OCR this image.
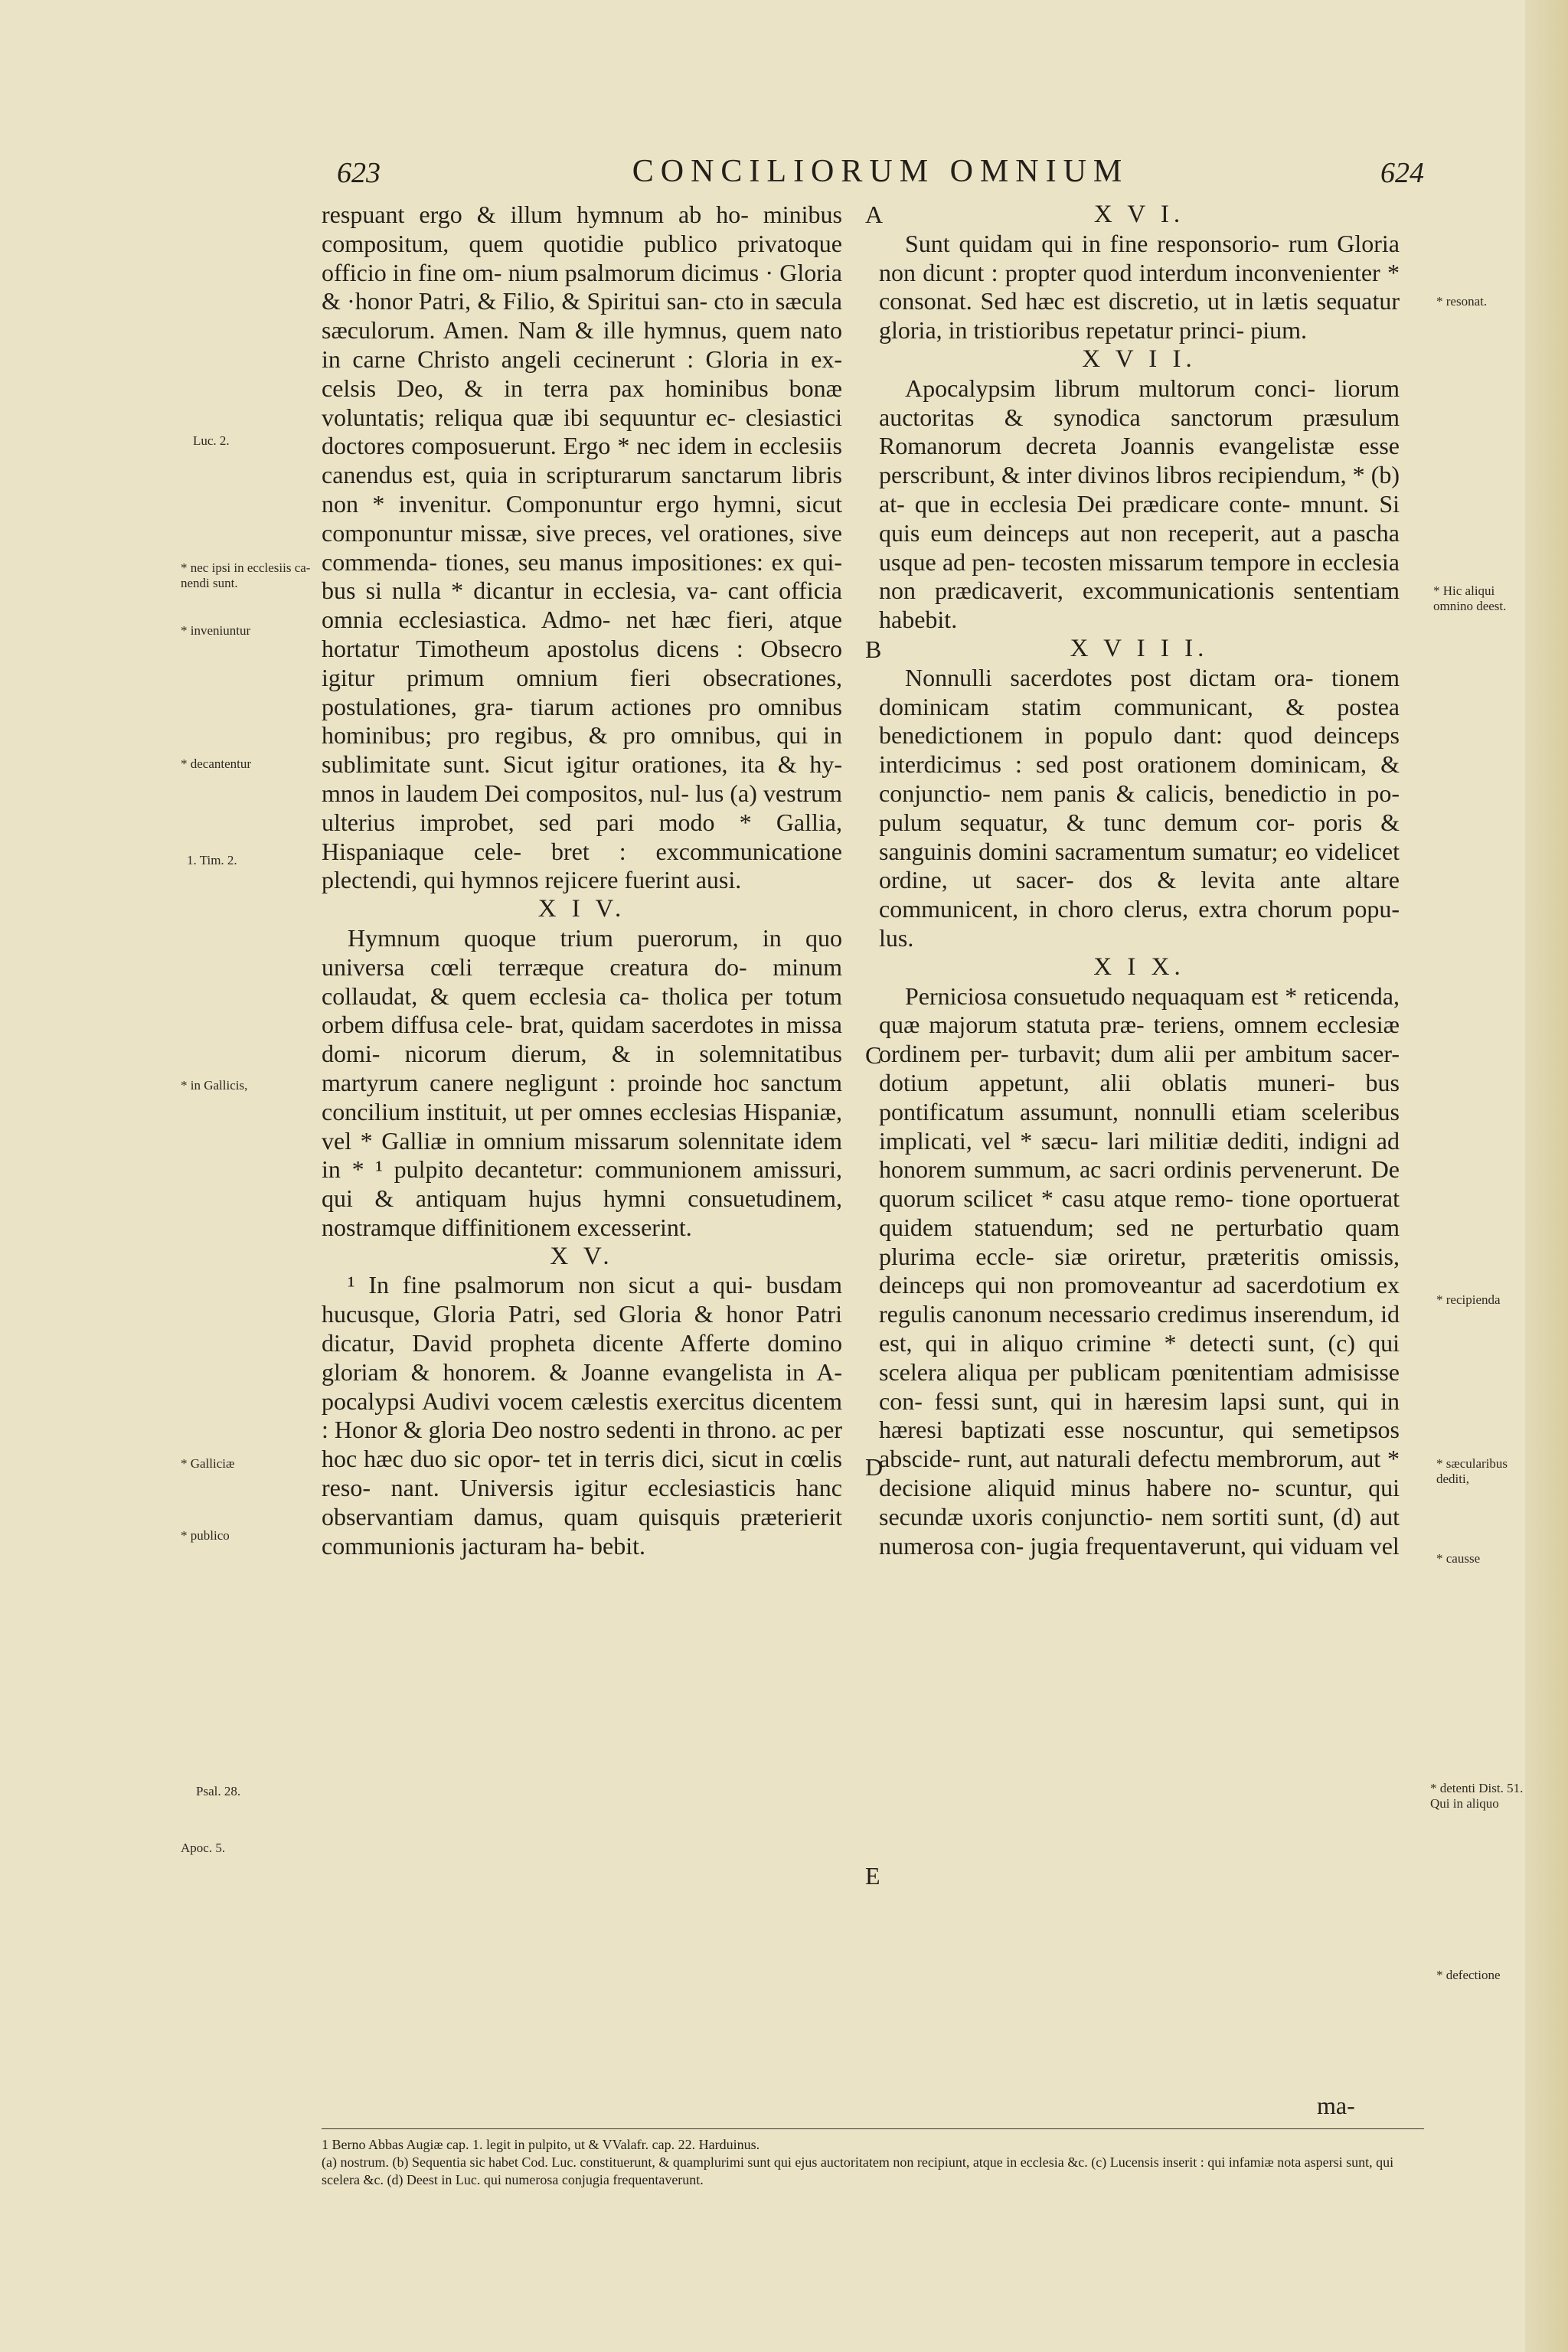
623	CONCILIORUM OMNIUM	624

respuant ergo & illum hymnum ab ho- minibus compositum, quem quotidie publico privatoque officio in fine om- nium psalmorum dicimus · Gloria & ·honor Patri, & Filio, & Spiritui san- cto in sæcula sæculorum. Amen. Nam & ille hymnus, quem nato in carne Christo angeli cecinerunt : Gloria in ex- celsis Deo, & in terra pax hominibus bonæ voluntatis; reliqua quæ ibi sequuntur ec- clesiastici doctores composuerunt. Ergo * nec idem in ecclesiis canendus est, quia in scripturarum sanctarum libris non * invenitur. Componuntur ergo hymni, sicut componuntur missæ, sive preces, vel orationes, sive commenda- tiones, seu manus impositiones: ex qui- bus si nulla * dicantur in ecclesia, va- cant officia omnia ecclesiastica. Admo- net hæc fieri, atque hortatur Timotheum apostolus dicens : Obsecro igitur primum omnium fieri obsecrationes, postulationes, gra- tiarum actiones pro omnibus hominibus; pro regibus, & pro omnibus, qui in sublimitate sunt. Sicut igitur orationes, ita & hy- mnos in laudem Dei compositos, nul- lus (a) vestrum ulterius improbet, sed pari modo * Gallia, Hispaniaque cele- bret : excommunicatione plectendi, qui hymnos rejicere fuerint ausi.

X I V.

Hymnum quoque trium puerorum, in quo universa cœli terræque creatura do- minum collaudat, & quem ecclesia ca- tholica per totum orbem diffusa cele- brat, quidam sacerdotes in missa domi- nicorum dierum, & in solemnitatibus martyrum canere negligunt : proinde hoc sanctum concilium instituit, ut per omnes ecclesias Hispaniæ, vel * Galliæ in omnium missarum solennitate idem in * ¹ pulpito decantetur: communionem amissuri, qui & antiquam hujus hymni consuetudinem, nostramque diffinitionem excesserint.

X V.

¹ In fine psalmorum non sicut a qui- busdam hucusque, Gloria Patri, sed Gloria & honor Patri dicatur, David propheta dicente Afferte domino gloriam & honorem. & Joanne evangelista in A- pocalypsi Audivi vocem cælestis exercitus dicentem : Honor & gloria Deo nostro sedenti in throno. ac per hoc hæc duo sic opor- tet in terris dici, sicut in cœlis reso- nant. Universis igitur ecclesiasticis hanc observantiam damus, quam quisquis præterierit communionis jacturam ha- bebit.

X V I.

Sunt quidam qui in fine responsorio- rum Gloria non dicunt : propter quod interdum inconvenienter * consonat. Sed hæc est discretio, ut in lætis sequatur gloria, in tristioribus repetatur princi- pium.

X V I I.

Apocalypsim librum multorum conci- liorum auctoritas & synodica sanctorum præsulum Romanorum decreta Joannis evangelistæ esse perscribunt, & inter divinos libros recipiendum, * (b) at- que in ecclesia Dei prædicare conte- mnunt. Si quis eum deinceps aut non receperit, aut a pascha usque ad pen- tecosten missarum tempore in ecclesia non prædicaverit, excommunicationis sententiam habebit.

X V I I I.

Nonnulli sacerdotes post dictam ora- tionem dominicam statim communicant, & postea benedictionem in populo dant: quod deinceps interdicimus : sed post orationem dominicam, & conjunctio- nem panis & calicis, benedictio in po- pulum sequatur, & tunc demum cor- poris & sanguinis domini sacramentum sumatur; eo videlicet ordine, ut sacer- dos & levita ante altare communicent, in choro clerus, extra chorum popu- lus.

X I X.

Perniciosa consuetudo nequaquam est * reticenda, quæ majorum statuta præ- teriens, omnem ecclesiæ ordinem per- turbavit; dum alii per ambitum sacer- dotium appetunt, alii oblatis muneri- bus pontificatum assumunt, nonnulli etiam sceleribus implicati, vel * sæcu- lari militiæ dediti, indigni ad honorem summum, ac sacri ordinis pervenerunt. De quorum scilicet * casu atque remo- tione oportuerat quidem statuendum; sed ne perturbatio quam plurima eccle- siæ oriretur, præteritis omissis, deinceps qui non promoveantur ad sacerdotium ex regulis canonum necessario credimus inserendum, id est, qui in aliquo crimine * detecti sunt, (c) qui scelera aliqua per publicam pœnitentiam admisisse con- fessi sunt, qui in hæresim lapsi sunt, qui in hæresi baptizati esse noscuntur, qui semetipsos abscide- runt, aut naturali defectu membrorum, aut * decisione aliquid minus habere no- scuntur, qui secundæ uxoris conjunctio- nem sortiti sunt, (d) aut numerosa con- jugia frequentaverunt, qui viduam vel

A
B
C
D
E
Luc. 2.
* nec ipsi in ecclesiis ca- nendi sunt.
* inveniuntur
* decantentur
1. Tim. 2.
* in Gallicis,
* Galliciæ
* publico
Psal. 28.
Apoc. 5.
* resonat.
* Hic aliqui omnino deest.
* recipienda
* sæcularibus dediti,
* causse
* detenti Dist. 51. Qui in aliquo
* defectione
ma-

1 Berno Abbas Augiæ cap. 1. legit in pulpito, ut & VValafr. cap. 22. Harduinus.

(a) nostrum. (b) Sequentia sic habet Cod. Luc. constituerunt, & quamplurimi sunt qui ejus auctoritatem non recipiunt, atque in ecclesia &c. (c) Lucensis inserit : qui infamiæ nota aspersi sunt, qui scelera &c. (d) Deest in Luc. qui numerosa conjugia frequentaverunt.
